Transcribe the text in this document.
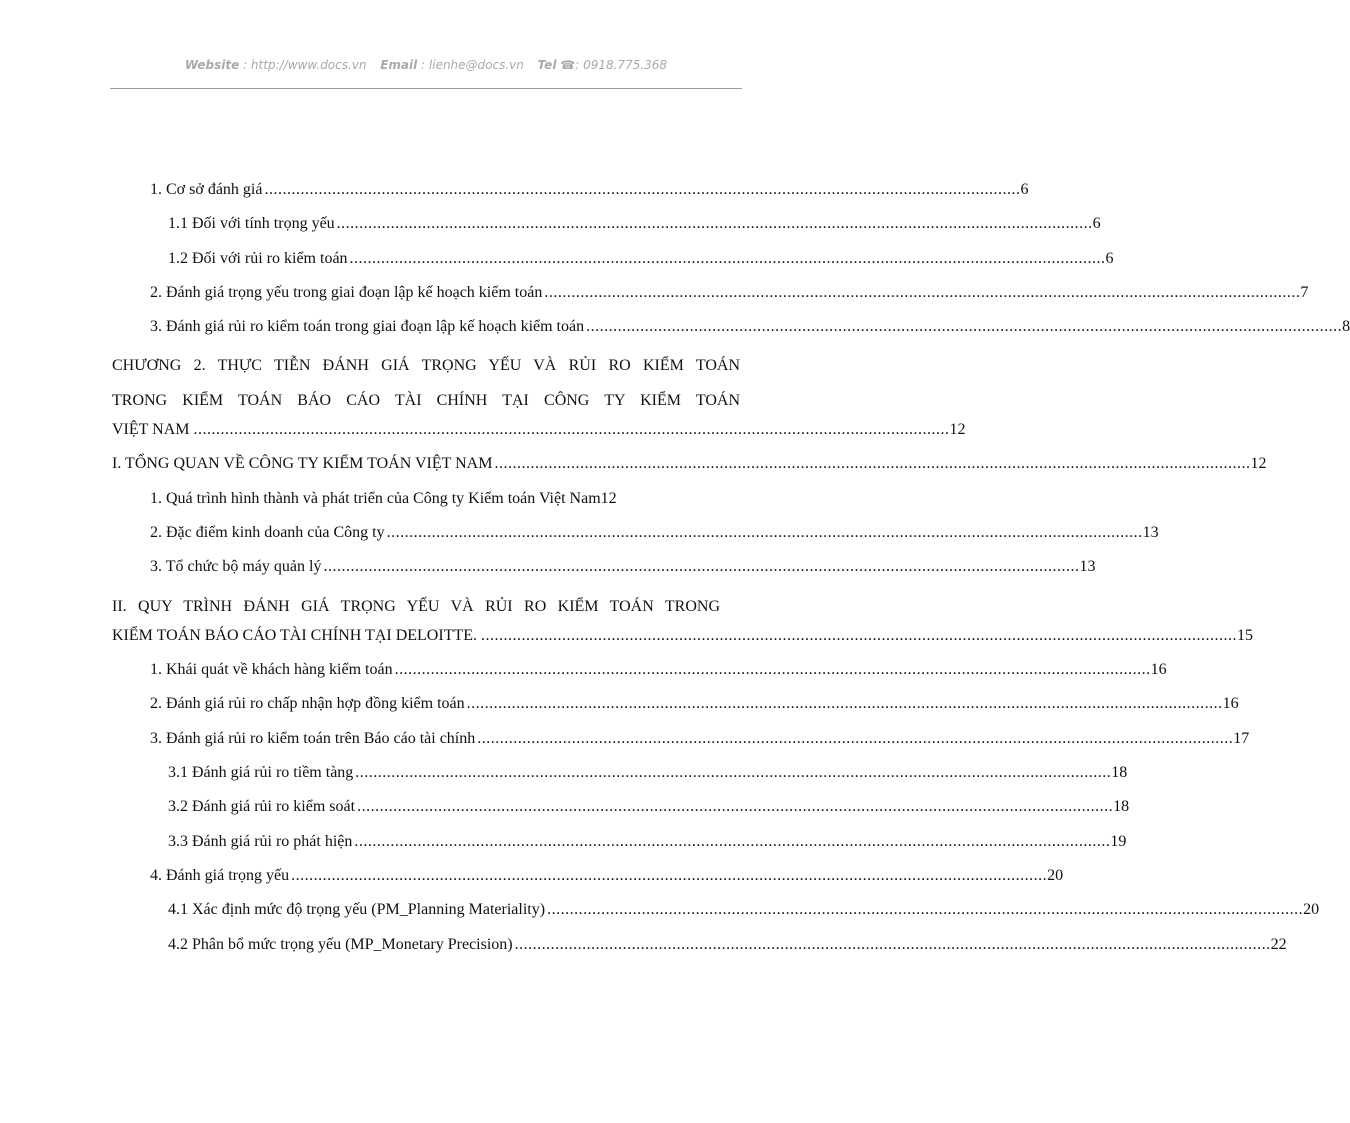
Website : http://www.docs.vn Email : lienhe@docs.vn Tel ☎: 0918.775.368
1. Cơ sở đánh giá ........................................................................................................................................................................ 6
1.1 Đối với tính trọng yếu ........................................................................................................................................................................ 6
1.2 Đối với rủi ro kiểm toán ........................................................................................................................................................................ 6
2. Đánh giá trọng yếu trong giai đoạn lập kế hoạch kiểm toán ........................................................................................................................................................................ 7
3. Đánh giá rủi ro kiểm toán trong giai đoạn lập kế hoạch kiểm toán ........................................................................................................................................................................ 8
CHƯƠNG 2. THỰC TIỄN ĐÁNH GIÁ TRỌNG YẾU VÀ RỦI RO KIỂM TOÁN
TRONG KIỂM TOÁN BÁO CÁO TÀI CHÍNH TẠI CÔNG TY KIỂM TOÁN
VIỆT NAM ........................................................................................................................................................................ 12
I. TỔNG QUAN VỀ CÔNG TY KIỂM TOÁN VIỆT NAM ........................................................................................................................................................................ 12
1. Quá trình hình thành và phát triển của Công ty Kiểm toán Việt Nam 12
2. Đặc điểm kinh doanh của Công ty ........................................................................................................................................................................ 13
3. Tổ chức bộ máy quản lý ........................................................................................................................................................................ 13
II. QUY TRÌNH ĐÁNH GIÁ TRỌNG YẾU VÀ RỦI RO KIỂM TOÁN TRONG
KIỂM TOÁN BÁO CÁO TÀI CHÍNH TẠI DELOITTE. ........................................................................................................................................................................ 15
1. Khái quát về khách hàng kiểm toán ........................................................................................................................................................................ 16
2. Đánh giá rủi ro chấp nhận hợp đồng kiểm toán ........................................................................................................................................................................ 16
3. Đánh giá rủi ro kiểm toán trên Báo cáo tài chính ........................................................................................................................................................................ 17
3.1 Đánh giá rủi ro tiềm tàng ........................................................................................................................................................................ 18
3.2 Đánh giá rủi ro kiểm soát ........................................................................................................................................................................ 18
3.3 Đánh giá rủi ro phát hiện ........................................................................................................................................................................ 19
4. Đánh giá trọng yếu ........................................................................................................................................................................ 20
4.1 Xác định mức độ trọng yếu (PM_Planning Materiality) ........................................................................................................................................................................ 20
4.2 Phân bổ mức trọng yếu (MP_Monetary Precision) ........................................................................................................................................................................ 22
